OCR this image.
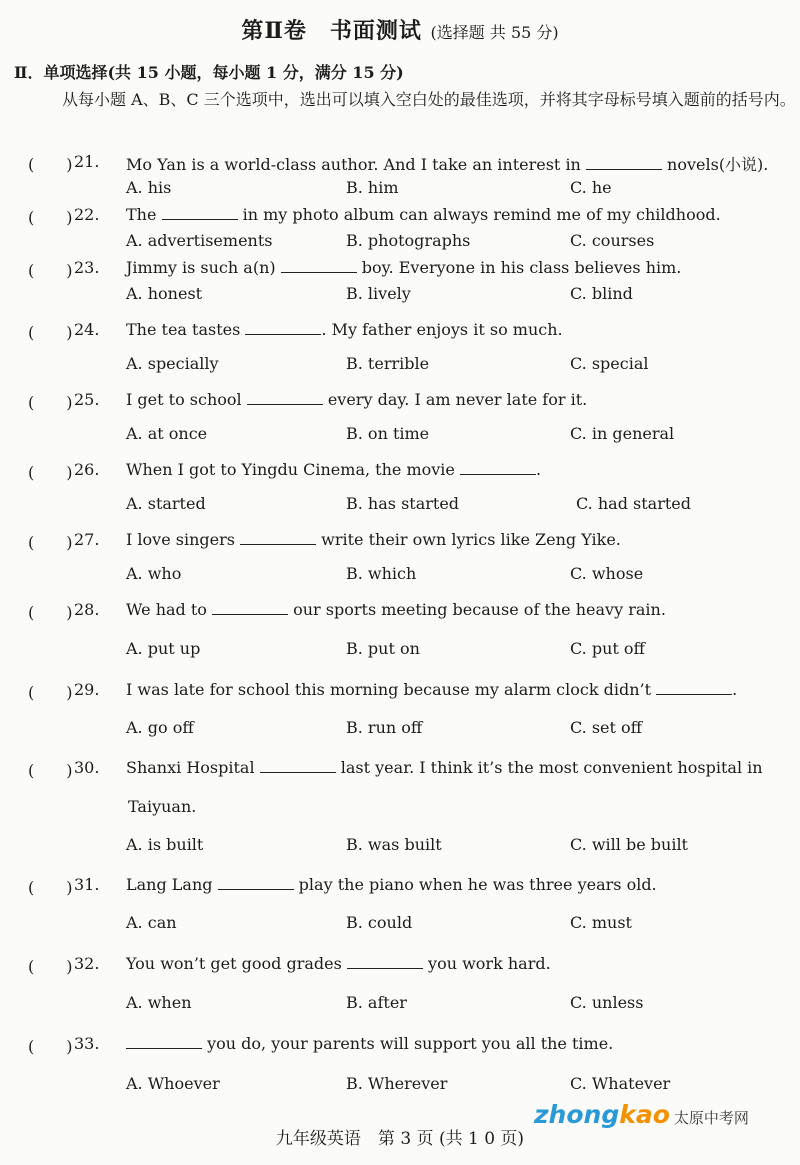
第Ⅱ卷　书面测试 (选择题 共 55 分)
Ⅱ．单项选择(共 15 小题，每小题 1 分，满分 15 分)
从每小题 A、B、C 三个选项中，选出可以填入空白处的最佳选项，并将其字母标号填入题前的括号内。
(　　) 21. Mo Yan is a world-class author. And I take an interest in	novels(小说).
A. his	B. him	C. he
(　　) 22. The	in my photo album can always remind me of my childhood.
A. advertisements	B. photographs	C. courses
(　　) 23. Jimmy is such a(n)	boy. Everyone in his class believes him.
A. honest	B. lively	C. blind
(　　) 24. The tea tastes	. My father enjoys it so much.
A. specially	B. terrible	C. special
(　　) 25. I get to school	every day. I am never late for it.
A. at once	B. on time	C. in general
(　　) 26. When I got to Yingdu Cinema, the movie	.
A. started	B. has started	C. had started
(　　) 27. I love singers	write their own lyrics like Zeng Yike.
A. who	B. which	C. whose
(　　) 28. We had to	our sports meeting because of the heavy rain.
A. put up	B. put on	C. put off
(　　) 29. I was late for school this morning because my alarm clock didn’t	.
A. go off	B. run off	C. set off
(　　) 30. Shanxi Hospital	last year. I think it’s the most convenient hospital in
Taiyuan.
A. is built	B. was built	C. will be built
(　　) 31. Lang Lang	play the piano when he was three years old.
A. can	B. could	C. must
(　　) 32. You won’t get good grades	you work hard.
A. when	B. after	C. unless
(　　) 33.	you do, your parents will support you all the time.
A. Whoever	B. Wherever	C. Whatever
zhongkao 太原中考网
九年级英语　第 3 页 (共 1 0 页)
